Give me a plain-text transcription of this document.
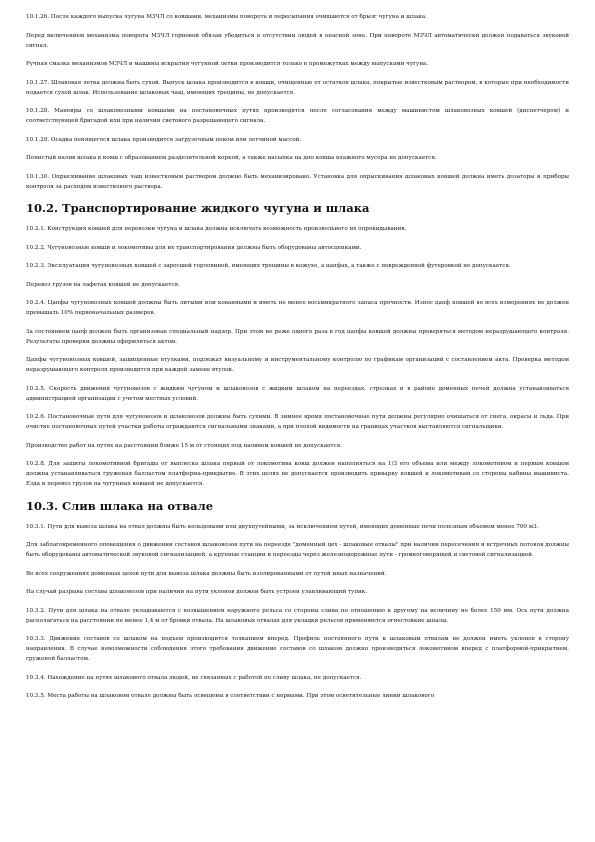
10.1.26. После каждого выпуска чугуна МЗЧЛ со ковшами, механизмы поворота и пересыпания очищаются от брызг чугуна и шлака.

Перед включением механизма поворота МЗЧЛ горновой обязан убедиться в отсутствии людей в опасной зоне. При повороте МЗЧЛ автоматически должен подаваться звуковой сигнал.

Ручная смазка механизмов МЗЧЛ и машины вскрытия чугунной летки производится только в промежутках между выпусками чугуна.

10.1.27. Шлаковая летка должна быть сухой. Выпуск шлака производится в ковши, очищенные от остатков шлака, покрытые известковым раствором, в которые при необходимости подается сухой шлак. Использование шлаковых чаш, имеющих трещины, не допускается.

10.1.28. Маневры со шлаковозными ковшами на постановочных путях производятся после согласования между машинистом шлаковозных ковшей (диспетчером) и соответствующей бригадой или при наличии светового разрешающего сигнала.

10.1.29. Осадка пенящегося шлака производится загрузочным пеком или летчиной массой.

Пенистый налив шлака в ковш с образованием разделительной коркой, а также насыпка на дно ковша влажного мусора не допускается.

10.1.30. Опрыскивание шлаковых чаш известковым раствором должно быть механизировано. Установка для опрыскивания шлаковых ковшей должна иметь дозаторы и приборы контроля за расходом известкового раствора.

10.2. Транспортирование жидкого чугуна и шлака

10.2.1. Конструкция ковшей для перевозки чугуна и шлака должна исключать возможность произвольного их опрокидывания.

10.2.2. Чугуновозные ковши и локомотивы для их транспортирования должны быть оборудованы автосцепками.

10.2.3. Эксплуатация чугуновозных ковшей с заросшей горловиной, имеющих трещины в кожухе, а цапфах, а также с поврежденной футеровкой не допускается.

Перевоз грузов на лафетах ковшей не допускается.

10.2.4. Цапфы чугуновозных ковшей должны быть литыми или кованными и иметь не менее восьмикратного запаса прочности. Износ цапф ковшей во всех измерениях не должен превышать 10% первоначальных размеров.

За состоянием цапф должен быть организован специальный надзор. При этом не реже одного раза в год цапфы ковшей должны проверяться методом неразрушающего контроля. Результаты проверки должны оформляться актом.

Цапфы чугуновозных ковшей, защищенные втулками, подлежат визуальному и инструментальному контролю по графикам организаций с составлением акта. Проверка методом неразрушающего контроля производится при каждой замене втулок.

10.2.5. Скорость движения чугуновозов с жидким чугуном и шлаковозов с жидким шлаком на переездах, стрелках и в районе доменных печей должна устанавливаться администрацией организации с учетом местных условий.

10.2.6. Постановочные пути для чугуновозов и шлаковозов должны быть сухими. В зимнее время постановочные пути должны регулярно очищаться от снега, окрасы и льда. При очистке постановочных путей участки работы ограждаются сигнальными знаками, а при плохой видимости на границах участков выставляются сигнальщики.

Производство работ на путях на расстоянии ближе 15 м от стоящих под наливом ковшей не допускается.

10.2.8. Для защиты локомотивной бригады от выплеска шлака первый от локомотива ковш должен наполняться на 1/3 его объема или между локомотивом и первым ковшом должна устанавливаться груженая балластом платформа-прикрытие. В этих целях не допускается производить приварку ковшей к локомотивам со стороны кабины машиниста. Езда и перевоз грузов на чугунных ковшей не допускается.

10.3. Слив шлака на отвале

10.3.1. Пути для вывоза шлака на отвал должны быть кольцевыми или двухпутейными, за исключением путей, имеющих доменные печи полезным объемом менее 700 м3.

Для заблаговременного оповещения о движении составов шлаковозов пути на переезде "доменный цех - шлаковые отвалы" при наличии пересечения и встречных потоков должны быть оборудованы автоматической звуковой сигнализацией, а крупные станции и переезды через железнодорожные пути - громкоговорящей и световой сигнализацией.

Во всех сооружениях доменных цехов пути для вывоза шлака должны быть изолированными от путей иных назначений.

На случай разрыва состава шлаковозов при наличии на пути уклонов должен быть устроен улавливающий тупик.

10.3.2. Пути для шлака на отвале укладываются с возвышением наружного рельса со стороны слива по отношению к другому на величину не более 150 мм. Ось пути должна располагаться на расстоянии не менее 1,4 м от бровки отвала. На шлаковых отвалах для укладки рельсов применяются огнестойкие шпалы.

10.3.3. Движение составов со шлаком на подъем производится толканием вперед. Профиль постоянного пути к шлаковым отвалам не должен иметь уклонов в сторону направления. В случае невозможности соблюдения этого требования движение составов со шлаком должно производиться локомотивом вперед с платформой-прикрытием, груженой балластом.

10.3.4. Нахождение на путях шлакового отвала людей, не связанных с работой по сливу шлака, не допускается.

10.3.5. Места работы на шлаковом отвале должны быть освещены в соответствии с нормами. При этом осветительные линии шлакового
